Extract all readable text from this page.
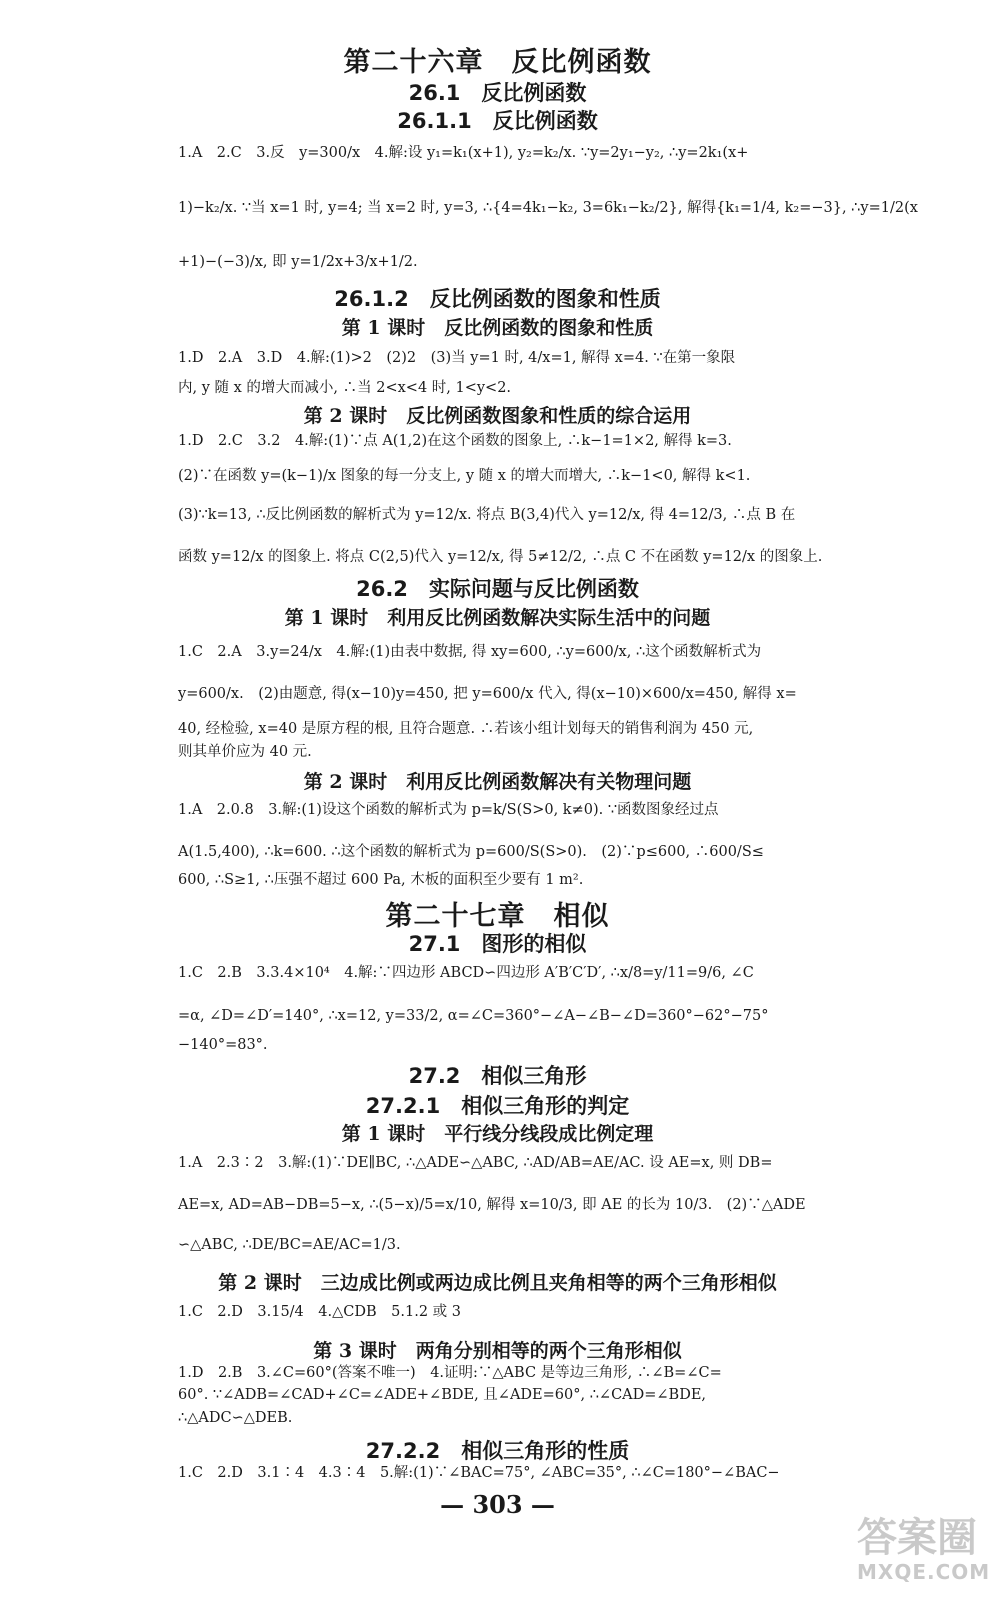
第二十六章　反比例函数
26.1　反比例函数
26.1.1　反比例函数
1.A　2.C　3.反　y=300/x　4.解:设 y₁=k₁(x+1), y₂=k₂/x. ∵y=2y₁−y₂, ∴y=2k₁(x+
1)−k₂/x. ∵当 x=1 时, y=4; 当 x=2 时, y=3, ∴{4=4k₁−k₂, 3=6k₁−k₂/2}, 解得{k₁=1/4, k₂=−3}, ∴y=1/2(x
+1)−(−3)/x, 即 y=1/2x+3/x+1/2.
26.1.2　反比例函数的图象和性质
第 1 课时　反比例函数的图象和性质
1.D　2.A　3.D　4.解:(1)>2　(2)2　(3)当 y=1 时, 4/x=1, 解得 x=4. ∵在第一象限
内, y 随 x 的增大而减小, ∴当 2<x<4 时, 1<y<2.
第 2 课时　反比例函数图象和性质的综合运用
1.D　2.C　3.2　4.解:(1)∵点 A(1,2)在这个函数的图象上, ∴k−1=1×2, 解得 k=3.
(2)∵在函数 y=(k−1)/x 图象的每一分支上, y 随 x 的增大而增大, ∴k−1<0, 解得 k<1.
(3)∵k=13, ∴反比例函数的解析式为 y=12/x. 将点 B(3,4)代入 y=12/x, 得 4=12/3, ∴点 B 在
函数 y=12/x 的图象上. 将点 C(2,5)代入 y=12/x, 得 5≠12/2, ∴点 C 不在函数 y=12/x 的图象上.
26.2　实际问题与反比例函数
第 1 课时　利用反比例函数解决实际生活中的问题
1.C　2.A　3.y=24/x　4.解:(1)由表中数据, 得 xy=600, ∴y=600/x, ∴这个函数解析式为
y=600/x.　(2)由题意, 得(x−10)y=450, 把 y=600/x 代入, 得(x−10)×600/x=450, 解得 x=
40, 经检验, x=40 是原方程的根, 且符合题意. ∴若该小组计划每天的销售利润为 450 元,
则其单价应为 40 元.
第 2 课时　利用反比例函数解决有关物理问题
1.A　2.0.8　3.解:(1)设这个函数的解析式为 p=k/S(S>0, k≠0). ∵函数图象经过点
A(1.5,400), ∴k=600. ∴这个函数的解析式为 p=600/S(S>0).　(2)∵p≤600, ∴600/S≤
600, ∴S≥1, ∴压强不超过 600 Pa, 木板的面积至少要有 1 m².
第二十七章　相似
27.1　图形的相似
1.C　2.B　3.3.4×10⁴　4.解:∵四边形 ABCD∽四边形 A′B′C′D′, ∴x/8=y/11=9/6, ∠C
=α, ∠D=∠D′=140°, ∴x=12, y=33/2, α=∠C=360°−∠A−∠B−∠D=360°−62°−75°
−140°=83°.
27.2　相似三角形
27.2.1　相似三角形的判定
第 1 课时　平行线分线段成比例定理
1.A　2.3∶2　3.解:(1)∵DE∥BC, ∴△ADE∽△ABC, ∴AD/AB=AE/AC. 设 AE=x, 则 DB=
AE=x, AD=AB−DB=5−x, ∴(5−x)/5=x/10, 解得 x=10/3, 即 AE 的长为 10/3.　(2)∵△ADE
∽△ABC, ∴DE/BC=AE/AC=1/3.
第 2 课时　三边成比例或两边成比例且夹角相等的两个三角形相似
1.C　2.D　3.15/4　4.△CDB　5.1.2 或 3
第 3 课时　两角分别相等的两个三角形相似
1.D　2.B　3.∠C=60°(答案不唯一)　4.证明:∵△ABC 是等边三角形, ∴∠B=∠C=
60°. ∵∠ADB=∠CAD+∠C=∠ADE+∠BDE, 且∠ADE=60°, ∴∠CAD=∠BDE,
∴△ADC∽△DEB.
27.2.2　相似三角形的性质
1.C　2.D　3.1∶4　4.3∶4　5.解:(1)∵∠BAC=75°, ∠ABC=35°, ∴∠C=180°−∠BAC−
— 303 —
答案圈
MXQE.COM
